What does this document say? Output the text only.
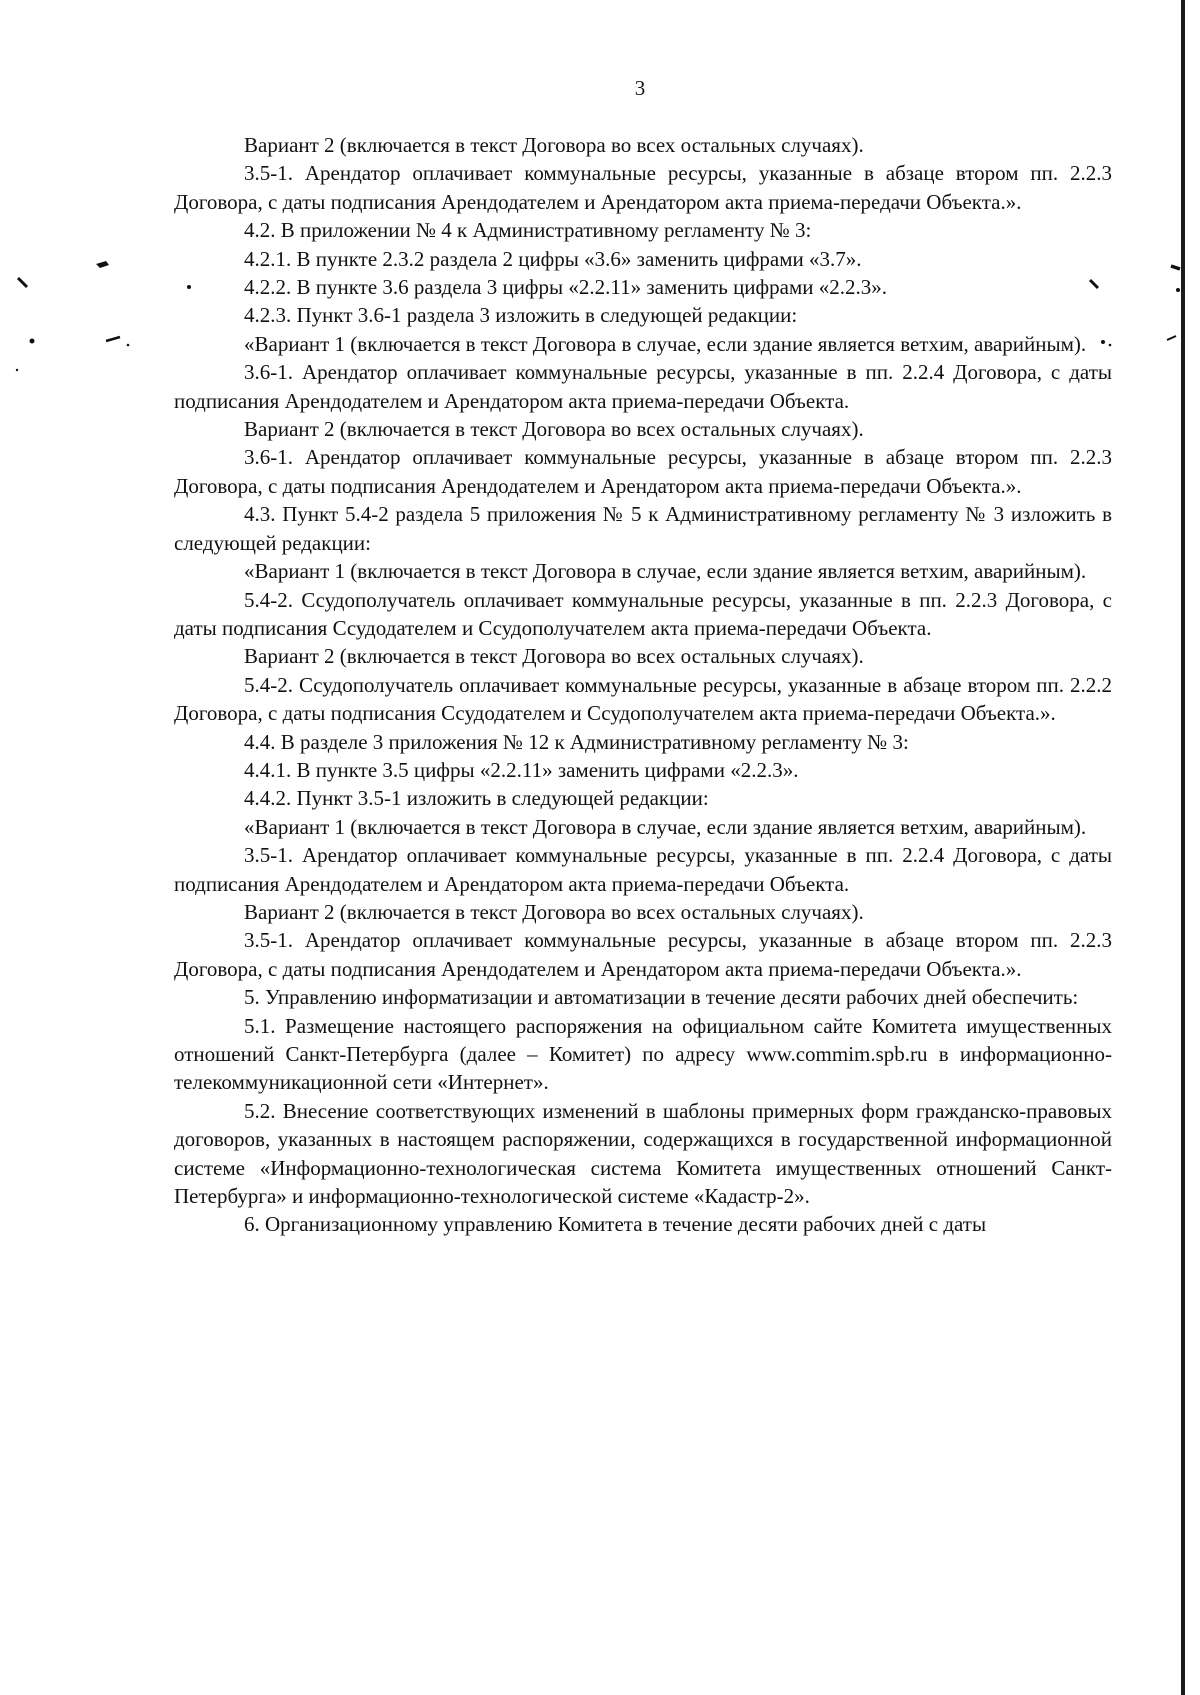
3

Вариант 2 (включается в текст Договора во всех остальных случаях).

3.5-1. Арендатор оплачивает коммунальные ресурсы, указанные в абзаце втором пп. 2.2.3 Договора, с даты подписания Арендодателем и Арендатором акта приема-передачи Объекта.».

4.2. В приложении № 4 к Административному регламенту № 3:

4.2.1. В пункте 2.3.2 раздела 2 цифры «3.6» заменить цифрами «3.7».

4.2.2. В пункте 3.6 раздела 3 цифры «2.2.11» заменить цифрами «2.2.3».

4.2.3. Пункт 3.6-1 раздела 3 изложить в следующей редакции:

«Вариант 1 (включается в текст Договора в случае, если здание является ветхим, аварийным).

3.6-1. Арендатор оплачивает коммунальные ресурсы, указанные в пп. 2.2.4 Договора, с даты подписания Арендодателем и Арендатором акта приема-передачи Объекта.

Вариант 2 (включается в текст Договора во всех остальных случаях).

3.6-1. Арендатор оплачивает коммунальные ресурсы, указанные в абзаце втором пп. 2.2.3 Договора, с даты подписания Арендодателем и Арендатором акта приема-передачи Объекта.».

4.3. Пункт 5.4-2 раздела 5 приложения № 5 к Административному регламенту № 3 изложить в следующей редакции:

«Вариант 1 (включается в текст Договора в случае, если здание является ветхим, аварийным).

5.4-2. Ссудополучатель оплачивает коммунальные ресурсы, указанные в пп. 2.2.3 Договора, с даты подписания Ссудодателем и Ссудополучателем акта приема-передачи Объекта.

Вариант 2 (включается в текст Договора во всех остальных случаях).

5.4-2. Ссудополучатель оплачивает коммунальные ресурсы, указанные в абзаце втором пп. 2.2.2 Договора, с даты подписания Ссудодателем и Ссудополучателем акта приема-передачи Объекта.».

4.4. В разделе 3 приложения № 12 к Административному регламенту № 3:

4.4.1. В пункте 3.5 цифры «2.2.11» заменить цифрами «2.2.3».

4.4.2. Пункт 3.5-1 изложить в следующей редакции:

«Вариант 1 (включается в текст Договора в случае, если здание является ветхим, аварийным).

3.5-1. Арендатор оплачивает коммунальные ресурсы, указанные в пп. 2.2.4 Договора, с даты подписания Арендодателем и Арендатором акта приема-передачи Объекта.

Вариант 2 (включается в текст Договора во всех остальных случаях).

3.5-1. Арендатор оплачивает коммунальные ресурсы, указанные в абзаце втором пп. 2.2.3 Договора, с даты подписания Арендодателем и Арендатором акта приема-передачи Объекта.».

5. Управлению информатизации и автоматизации в течение десяти рабочих дней обеспечить:

5.1. Размещение настоящего распоряжения на официальном сайте Комитета имущественных отношений Санкт-Петербурга (далее – Комитет) по адресу www.commim.spb.ru в информационно-телекоммуникационной сети «Интернет».

5.2. Внесение соответствующих изменений в шаблоны примерных форм гражданско-правовых договоров, указанных в настоящем распоряжении, содержащихся в государственной информационной системе «Информационно-технологическая система Комитета имущественных отношений Санкт-Петербурга» и информационно-технологической системе «Кадастр-2».

6. Организационному управлению Комитета в течение десяти рабочих дней с даты
